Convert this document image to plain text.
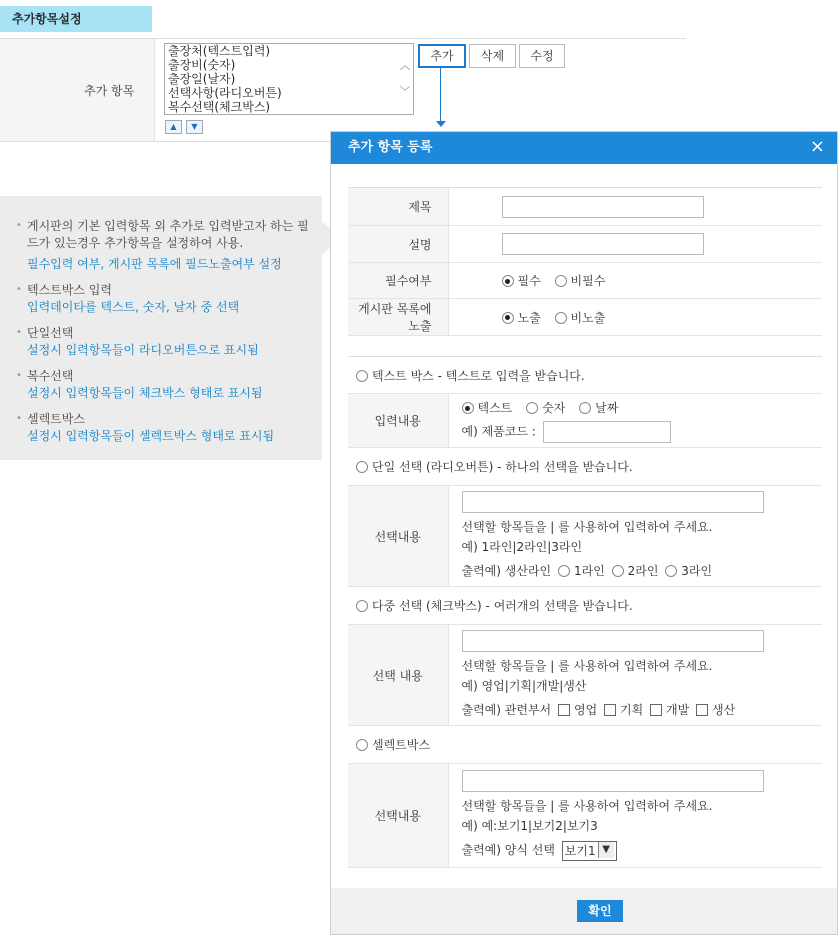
추가항목설정
추가 항목
출장처(텍스트입력)
출장비(숫자)
출장일(날자)
선택사항(라디오버튼)
복수선택(체크박스)
︿
﹀
▲	▼
추가	삭제	수정
• 게시판의 기본 입력항목 외 추가로 입력받고자 하는 필드가 있는경우 추가항목을 설정하여 사용.
필수입력 여부, 게시판 목록에 필드노출여부 설정
• 텍스트박스 입력
입력데이타를 텍스트, 숫자, 날자 중 선택
• 단일선택
설정시 입력항목들이 라디오버튼으로 표시됨
• 복수선택
설정시 입력항목들이 체크박스 형태로 표시됨
• 셀렉트박스
설정시 입력항목들이 셀렉트박스 형태로 표시됨
추가 항목 등록	×
제목	
설명	
필수여부	필수 비필수
게시판 목록에 노출	노출 비노출
텍스트 박스 - 텍스트로 입력을 받습니다.	
입력내용	텍스트 숫자 날짜
예) 제품코드 :

단일 선택 (라디오버튼) - 하나의 선택을 받습니다.	
선택내용	선택할 항목들을 | 를 사용하여 입력하여 주세요.
예) 1라인|2라인|3라인
출력예) 생산라인 1라인 2라인 3라인

다중 선택 (체크박스) - 여러개의 선택을 받습니다.	
선택 내용	선택할 항목들을 | 를 사용하여 입력하여 주세요.
예) 영업|기획|개발|생산
출력예) 관련부서 영업 기획 개발 생산

셀렉트박스	
선택내용	선택할 항목들을 | 를 사용하여 입력하여 주세요.
예) 예:보기1|보기2|보기3
출력예) 양식 선택 보기1 ▼
확인
